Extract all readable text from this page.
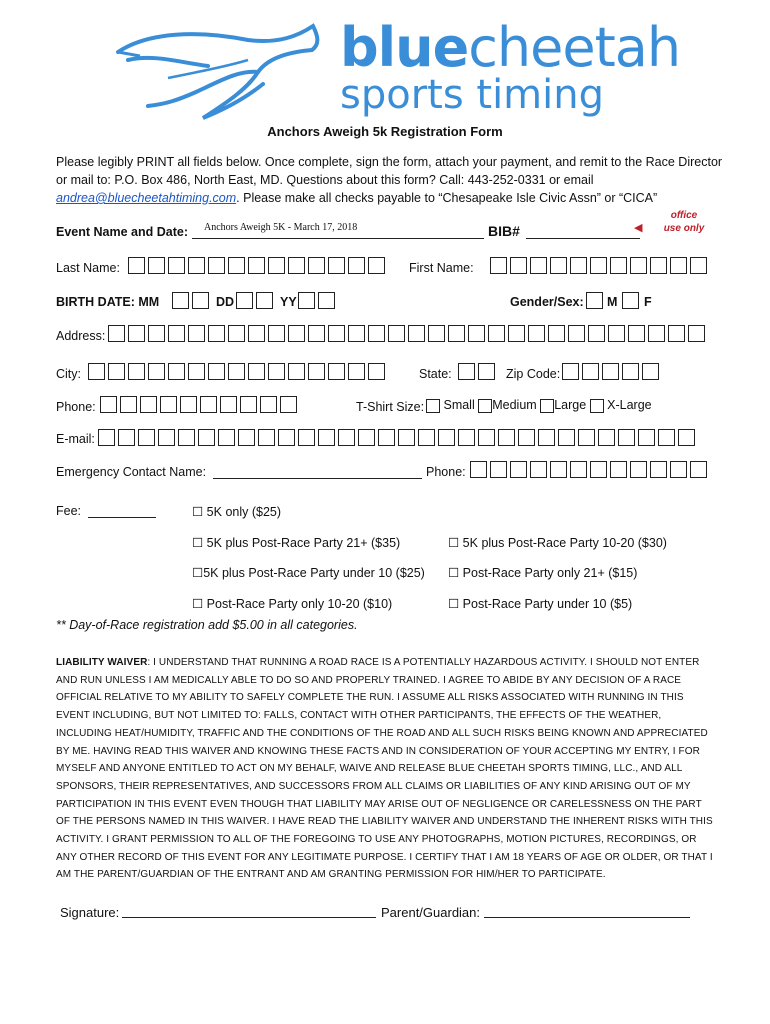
bluecheetah
sports timing
Anchors Aweigh 5k Registration Form
Please legibly PRINT all fields below. Once complete, sign the form, attach your payment, and remit to the Race Director or mail to: P.O. Box 486, North East, MD. Questions about this form? Call: 443-252-0331 or email andrea@bluecheetahtiming.com. Please make all checks payable to “Chesapeake Isle Civic Assn” or “CICA”
Event Name and Date: Anchors Aweigh 5K - March 17, 2018	BIB#	◀
office use only
Last Name:	First Name:
BIRTH DATE: MM	DD	YY	Gender/Sex: M F
Address:
City:	State:	Zip Code:
Phone:	T-Shirt Size:	Small Medium Large X-Large
E-mail:
Emergency Contact Name:	Phone:
Fee:	☐ 5K only ($25)
☐ 5K plus Post-Race Party 21+ ($35)	☐ 5K plus Post-Race Party 10-20 ($30)
☐5K plus Post-Race Party under 10 ($25) ☐ Post-Race Party only 21+ ($15)
☐ Post-Race Party only 10-20 ($10)	☐ Post-Race Party under 10 ($5)
** Day-of-Race registration add $5.00 in all categories.
LIABILITY WAIVER: I UNDERSTAND THAT RUNNING A ROAD RACE IS A POTENTIALLY HAZARDOUS ACTIVITY. I SHOULD NOT ENTER AND RUN UNLESS I AM MEDICALLY ABLE TO DO SO AND PROPERLY TRAINED. I AGREE TO ABIDE BY ANY DECISION OF A RACE OFFICIAL RELATIVE TO MY ABILITY TO SAFELY COMPLETE THE RUN. I ASSUME ALL RISKS ASSOCIATED WITH RUNNING IN THIS EVENT INCLUDING, BUT NOT LIMITED TO: FALLS, CONTACT WITH OTHER PARTICIPANTS, THE EFFECTS OF THE WEATHER, INCLUDING HEAT/HUMIDITY, TRAFFIC AND THE CONDITIONS OF THE ROAD AND ALL SUCH RISKS BEING KNOWN AND APPRECIATED BY ME. HAVING READ THIS WAIVER AND KNOWING THESE FACTS AND IN CONSIDERATION OF YOUR ACCEPTING MY ENTRY, I FOR MYSELF AND ANYONE ENTITLED TO ACT ON MY BEHALF, WAIVE AND RELEASE BLUE CHEETAH SPORTS TIMING, LLC., AND ALL SPONSORS, THEIR REPRESENTATIVES, AND SUCCESSORS FROM ALL CLAIMS OR LIABILITIES OF ANY KIND ARISING OUT OF MY PARTICIPATION IN THIS EVENT EVEN THOUGH THAT LIABILITY MAY ARISE OUT OF NEGLIGENCE OR CARELESSNESS ON THE PART OF THE PERSONS NAMED IN THIS WAIVER. I HAVE READ THE LIABILITY WAIVER AND UNDERSTAND THE INHERENT RISKS WITH THIS ACTIVITY. I GRANT PERMISSION TO ALL OF THE FOREGOING TO USE ANY PHOTOGRAPHS, MOTION PICTURES, RECORDINGS, OR ANY OTHER RECORD OF THIS EVENT FOR ANY LEGITIMATE PURPOSE. I CERTIFY THAT I AM 18 YEARS OF AGE OR OLDER, OR THAT I AM THE PARENT/GUARDIAN OF THE ENTRANT AND AM GRANTING PERMISSION FOR HIM/HER TO PARTICIPATE.
Signature:	Parent/Guardian:
